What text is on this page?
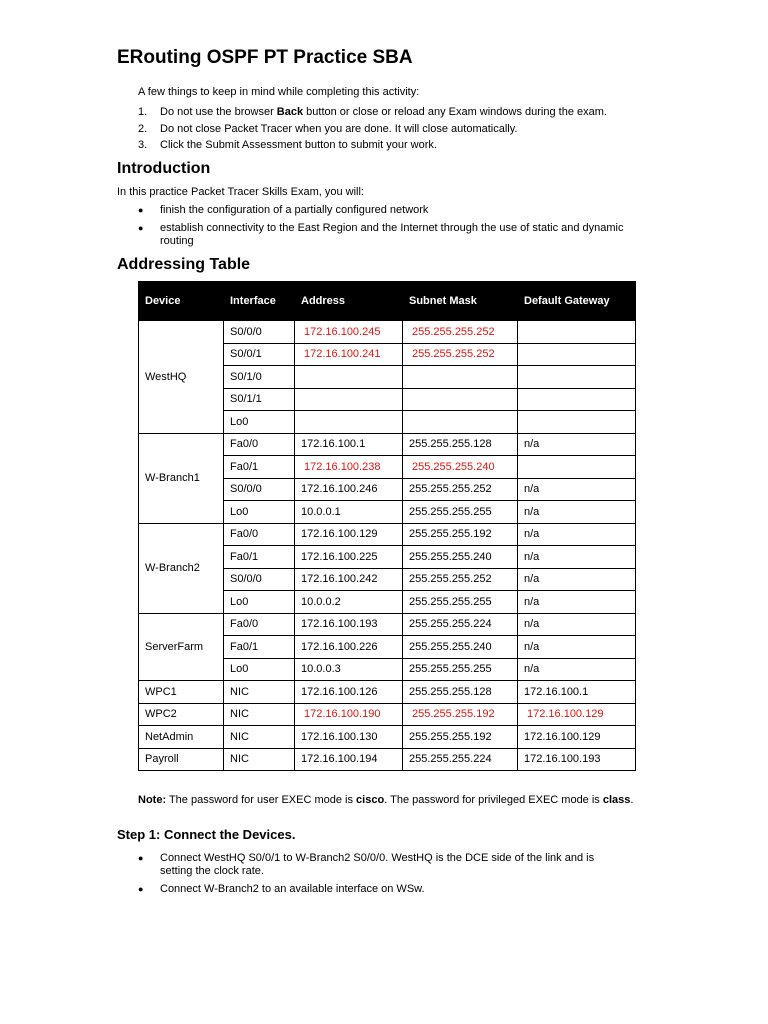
ERouting OSPF PT Practice SBA
A few things to keep in mind while completing this activity:
1. Do not use the browser Back button or close or reload any Exam windows during the exam.
2. Do not close Packet Tracer when you are done. It will close automatically.
3. Click the Submit Assessment button to submit your work.
Introduction
In this practice Packet Tracer Skills Exam, you will:
● finish the configuration of a partially configured network
● establish connectivity to the East Region and the Internet through the use of static and dynamic routing
Addressing Table
Device	Interface	Address	Subnet Mask	Default Gateway
WestHQ	S0/0/0	172.16.100.245	255.255.255.252	
	S0/0/1	172.16.100.241	255.255.255.252	
	S0/1/0			
	S0/1/1			
	Lo0			
W-Branch1	Fa0/0	172.16.100.1	255.255.255.128	n/a
	Fa0/1	172.16.100.238	255.255.255.240	
	S0/0/0	172.16.100.246	255.255.255.252	n/a
	Lo0	10.0.0.1	255.255.255.255	n/a
W-Branch2	Fa0/0	172.16.100.129	255.255.255.192	n/a
	Fa0/1	172.16.100.225	255.255.255.240	n/a
	S0/0/0	172.16.100.242	255.255.255.252	n/a
	Lo0	10.0.0.2	255.255.255.255	n/a
ServerFarm	Fa0/0	172.16.100.193	255.255.255.224	n/a
	Fa0/1	172.16.100.226	255.255.255.240	n/a
	Lo0	10.0.0.3	255.255.255.255	n/a
WPC1	NIC	172.16.100.126	255.255.255.128	172.16.100.1
WPC2	NIC	172.16.100.190	255.255.255.192	172.16.100.129
NetAdmin	NIC	172.16.100.130	255.255.255.192	172.16.100.129
Payroll	NIC	172.16.100.194	255.255.255.224	172.16.100.193
Note: The password for user EXEC mode is cisco. The password for privileged EXEC mode is class.
Step 1: Connect the Devices.
● Connect WestHQ S0/0/1 to W-Branch2 S0/0/0. WestHQ is the DCE side of the link and is setting the clock rate.
● Connect W-Branch2 to an available interface on WSw.
